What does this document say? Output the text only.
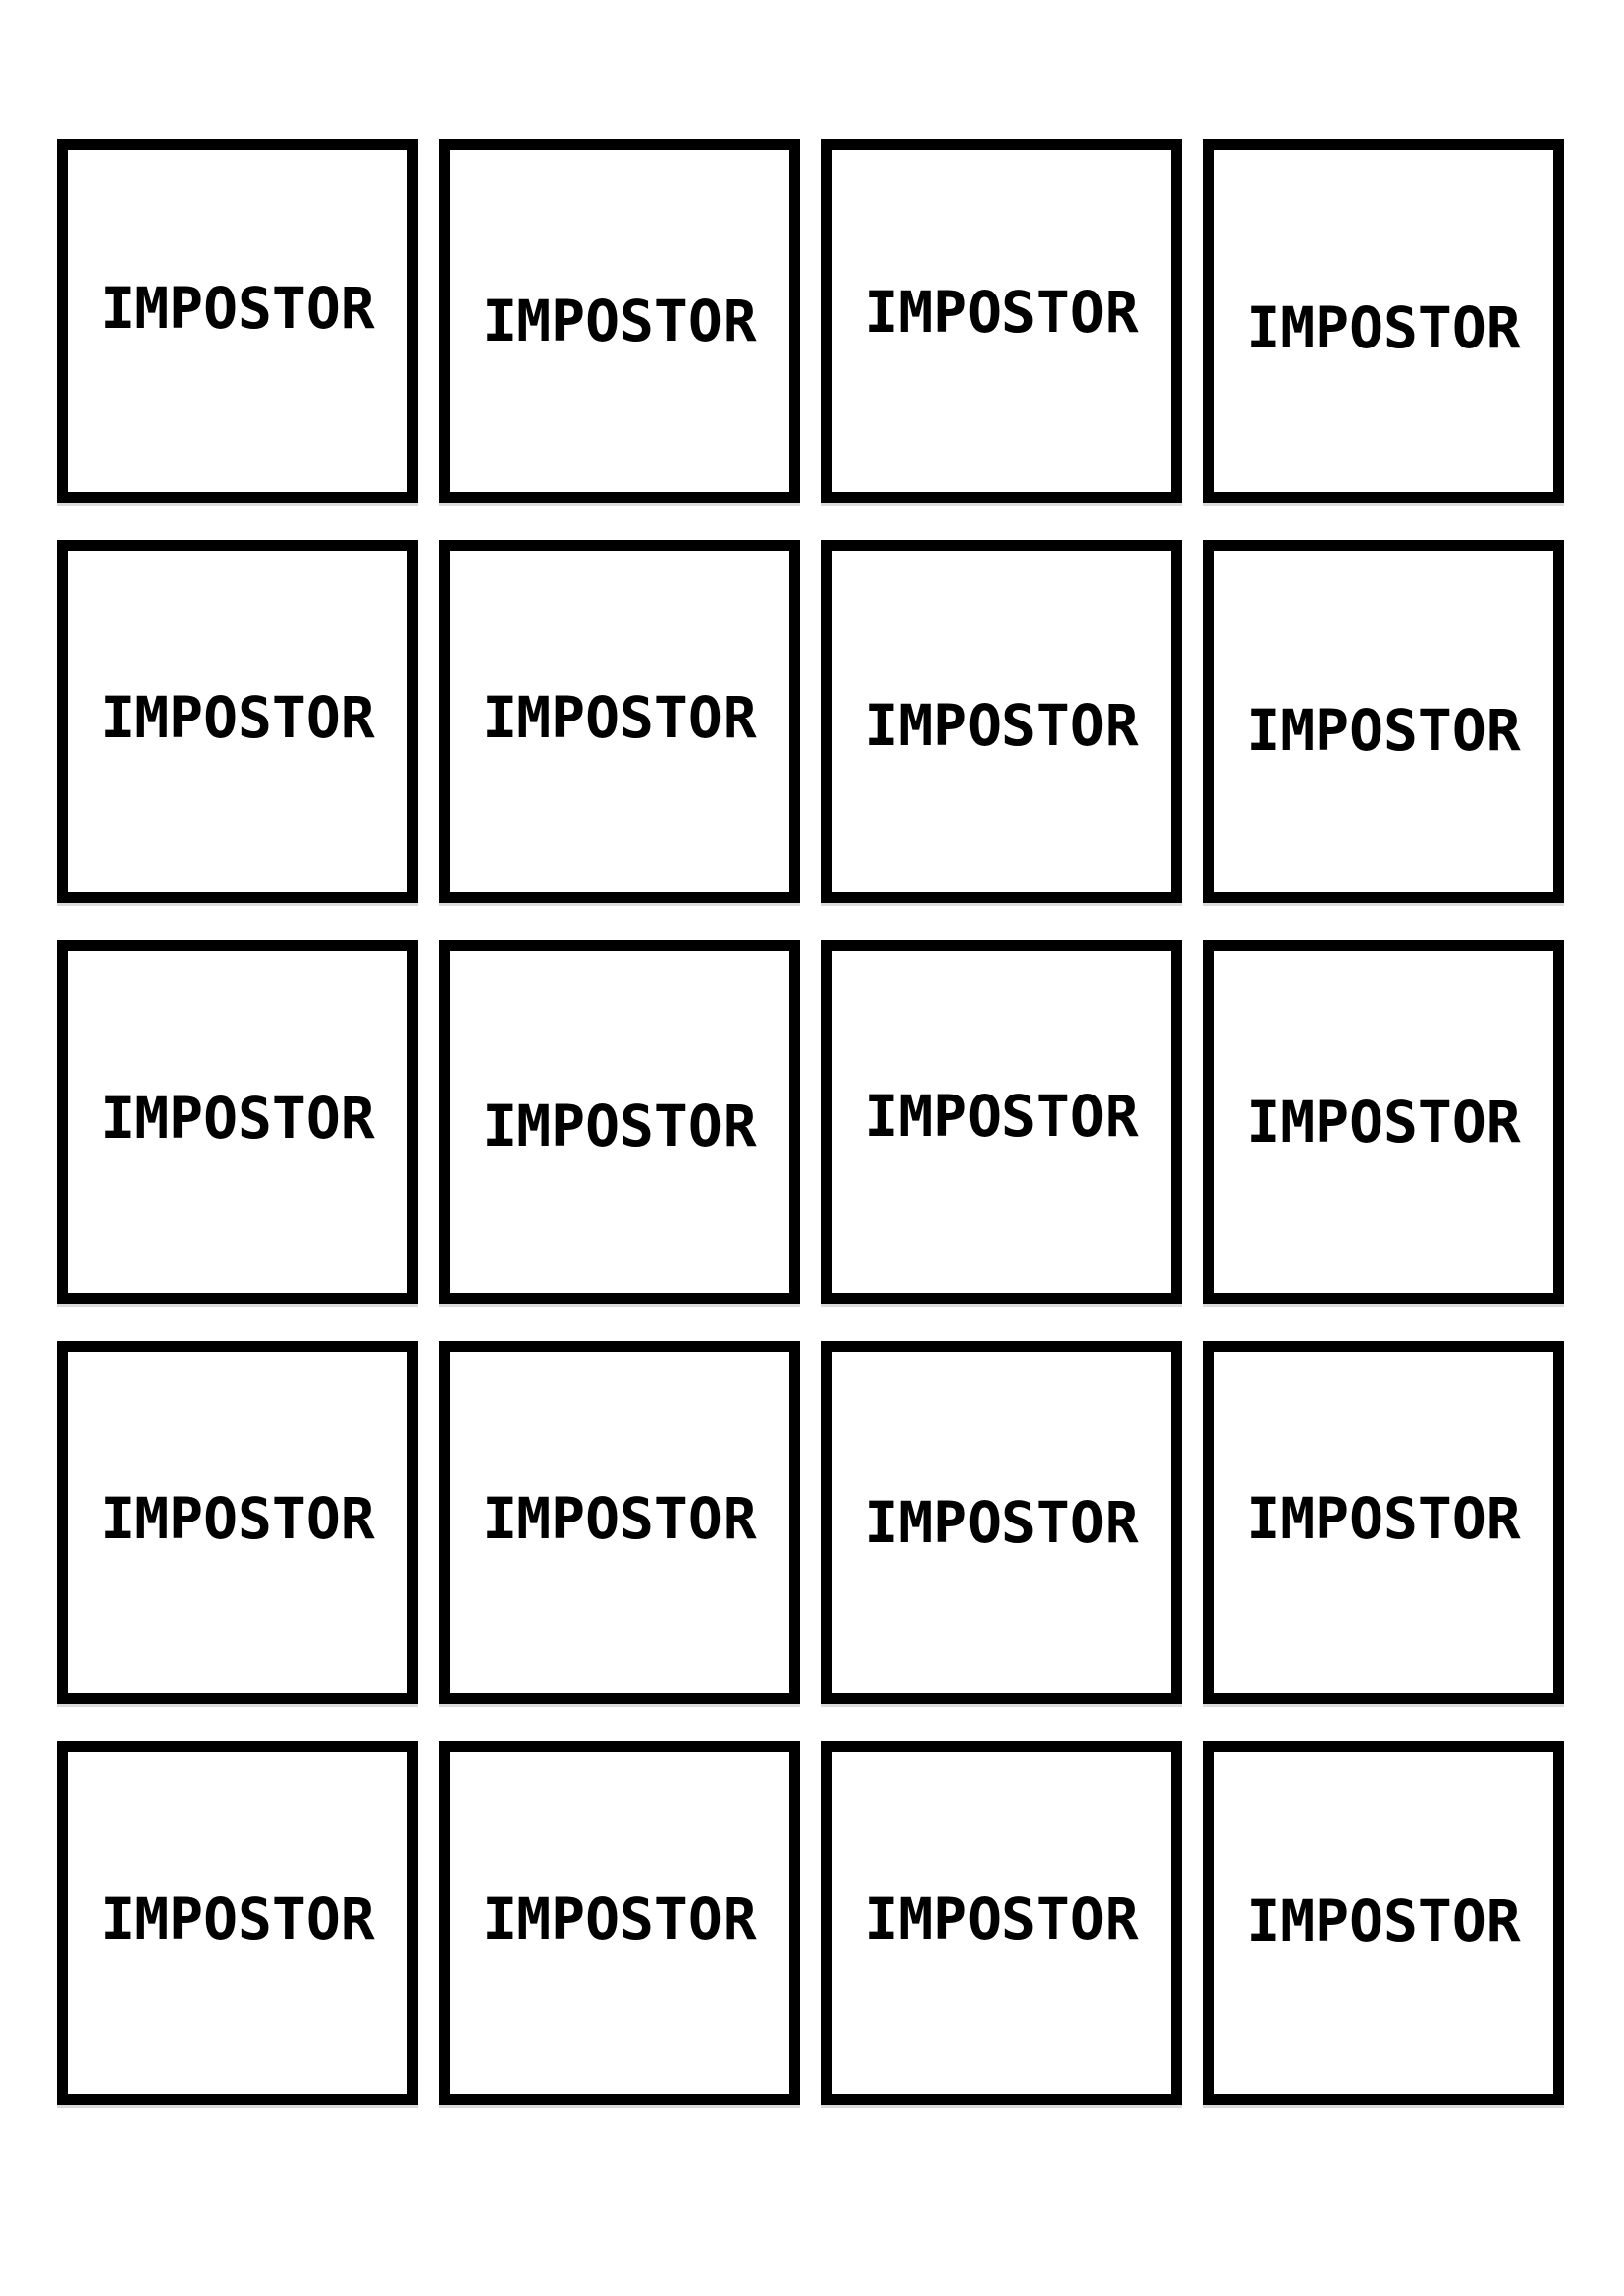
IMPOSTOR IMPOSTOR IMPOSTOR IMPOSTOR
IMPOSTOR IMPOSTOR IMPOSTOR IMPOSTOR
IMPOSTOR IMPOSTOR IMPOSTOR IMPOSTOR
IMPOSTOR IMPOSTOR IMPOSTOR IMPOSTOR
IMPOSTOR IMPOSTOR IMPOSTOR IMPOSTOR
